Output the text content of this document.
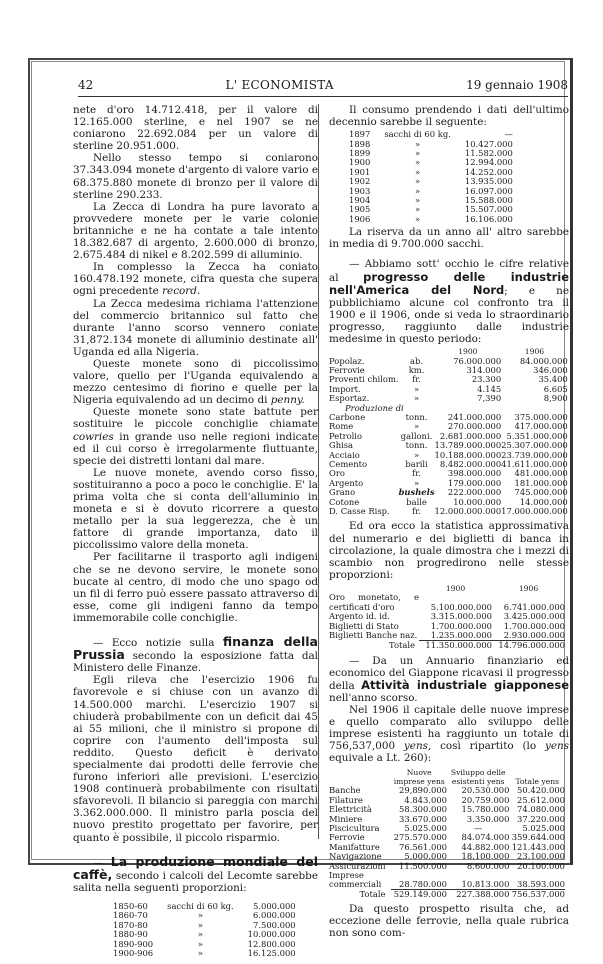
42	L' ECONOMISTA	19 gennaio 1908

nete d'oro 14.712.418, per il valore di 12.165.000 sterline, e nel 1907 se ne coniarono 22.692.084 per un valore di sterline 20.951.000.

Nello stesso tempo si coniarono 37.343.094 monete d'argento di valore vario e 68.375.880 monete di bronzo per il valore di sterline 290.233.

La Zecca di Londra ha pure lavorato a provvedere monete per le varie colonie britanniche e ne ha contate a tale intento 18.382.687 di argento, 2.600.000 di bronzo, 2.675.484 di nikel e 8.202.599 di alluminio.

In complesso la Zecca ha coniato 160.478.192 monete, cifra questa che supera ogni precedente record.

La Zecca medesima richiama l'attenzione del commercio britannico sul fatto che durante l'anno scorso vennero coniate 31,872.134 monete di alluminio destinate all' Uganda ed alla Nigeria.

Queste monete sono di piccolissimo valore, quello per l'Uganda equivalendo a mezzo centesimo di fiorino e quelle per la Nigeria equivalendo ad un decimo di penny.

Queste monete sono state battute per sostituire le piccole conchiglie chiamate cowries in grande uso nelle regioni indicate ed il cui corso è irregolarmente fluttuante, specie dei distretti lontani dal mare.

Le nuove monete, avendo corso fisso, sostituiranno a poco a poco le conchiglie. E' la prima volta che si conta dell'alluminio in moneta e si è dovuto ricorrere a questo metallo per la sua leggerezza, che è un fattore di grande importanza, dato il piccolissimo valore della moneta.

Per facilitarne il trasporto agli indigeni che se ne devono servire, le monete sono bucate al centro, di modo che uno spago od un fil di ferro può essere passato attraverso di esse, come gli indigeni fanno da tempo immemorabile colle conchiglie.

— Ecco notizie sulla finanza della Prussia secondo la esposizione fatta dal Ministero delle Finanze.

Egli rileva che l'esercizio 1906 fu favorevole e si chiuse con un avanzo di 14.500.000 marchi. L'esercizio 1907 si chiuderà probabilmente con un deficit dai 45 ai 55 milioni, che il ministro si propone di coprire con l'aumento dell'imposta sul reddito. Questo deficit è derivato specialmente dai prodotti delle ferrovie che furono inferiori alle previsioni. L'esercizio 1908 continuerà probabilmente con risultati sfavorevoli. Il bilancio si pareggia con marchi 3.362.000.000. Il ministro parla poscia del nuovo prestito progettato per favorire, per quanto è possibile, il piccolo risparmio.

— La produzione mondiale del caffè, secondo i calcoli del Lecomte sarebbe salita nella seguenti proporzioni:

1850-60	sacchi di 60 kg.	5.000.000
1860-70	»	6.000.000
1870-80	»	7.500.000
1880-90	»	10.000.000
1890-900	»	12.800.000
1900-906	»	16.125.000

Il consumo prendendo i dati dell'ultimo decennio sarebbe il seguente:

1897	sacchi di 60 kg.	—
1898	»	10.427.000
1899	»	11.582.000
1900	»	12.994.000
1901	»	14.252.000
1902	»	13.935.000
1903	»	16.097.000
1904	»	15.588.000
1905	»	15.507.000
1906	»	16.106.000

La riserva da un anno all' altro sarebbe in media di 9.700.000 sacchi.

— Abbiamo sott' occhio le cifre relative al progresso delle industrie nell'America del Nord; e ne pubblichiamo alcune col confronto tra il 1900 e il 1906, onde si veda lo straordinario progresso, raggiunto dalle industrie medesime in questo periodo:

		1900	1906
Popolaz.	ab.	76.000.000	84.000.000
Ferrovie	km.	314.000	346.000
Proventi chilom.	fr.	23.300	35.400
Import.	»	4.145	6.605
Esportaz.	»	7,390	8,900
Produzione di			
Carbone	tonn.	241.000.000	375.000.000
Rome	»	270.000.000	417.000.000
Petrolio	galloni.	2.681.000.000	5.351.000.000
Ghisa	tonn.	13.789.000.000	25.307.000.000
Acciaio	»	10.188.000.000	23.739.000.000
Cemento	barili	8.482.000.000	41.611.000.000
Oro	fr.	398.000.000	481.000.000
Argento	»	179.000.000	181.000.000
Grano	bushels	222.000.000	745.000.000
Cotone	balle	10.000.000	14.000.000
D. Casse Risp.	fr.	12.000.000.000	17.000.000.000

Ed ora ecco la statistica approssimativa del numerario e dei biglietti di banca in circolazione, la quale dimostra che i mezzi di scambio non progredirono nelle stesse proporzioni:

	1900	1906
Oro monetato, e certificati d'oro	5.100.000.000	6.741.000.000
Argento id. id.	3.315.000.000	3.425.000.000
Biglietti di Stato	1.700.000.000	1.700.000.000
Biglietti Banche naz.	1.235.000.000	2.930.000.000
Totale	11.350.000.000	14.796.000.000

— Da un Annuario finanziario ed economico del Giappone ricavasi il progresso della Attività industriale giapponese nell'anno scorso.

Nel 1906 il capitale delle nuove imprese e quello comparato allo sviluppo delle imprese esistenti ha raggiunto un totale di 756,537,000 yens, così ripartito (lo yens equivale a Lt. 260):

	Nuove imprese yens	Sviluppo delle esistenti yens	Totale yens
Banche	29,890.000	20.530.000	50.420.000
Filature	4.843.000	20.759.000	25.612.000
Elettricità	58.300.000	15.780.000	74.080.000
Miniere	33.670.000	3.350.000	37.220.000
Piscicultura	5.025.000	—	5.025.000
Ferrovie	275.570.000	84.074.000	359.644.000
Manifatture	76.561.000	44.882.000	121.443.000
Navigazione	5.000.000	18.100.000	23.100.000
Assicurazioni	11.500.000	8.600.000	20.100.000
Imprese commerciali	28.780.000	10.813.000	38.593.000
Totale	529.149.000	227.388.000	756.537.000

Da questo prospetto risulta che, ad eccezione delle ferrovie, nella quale rubrica non sono com-
